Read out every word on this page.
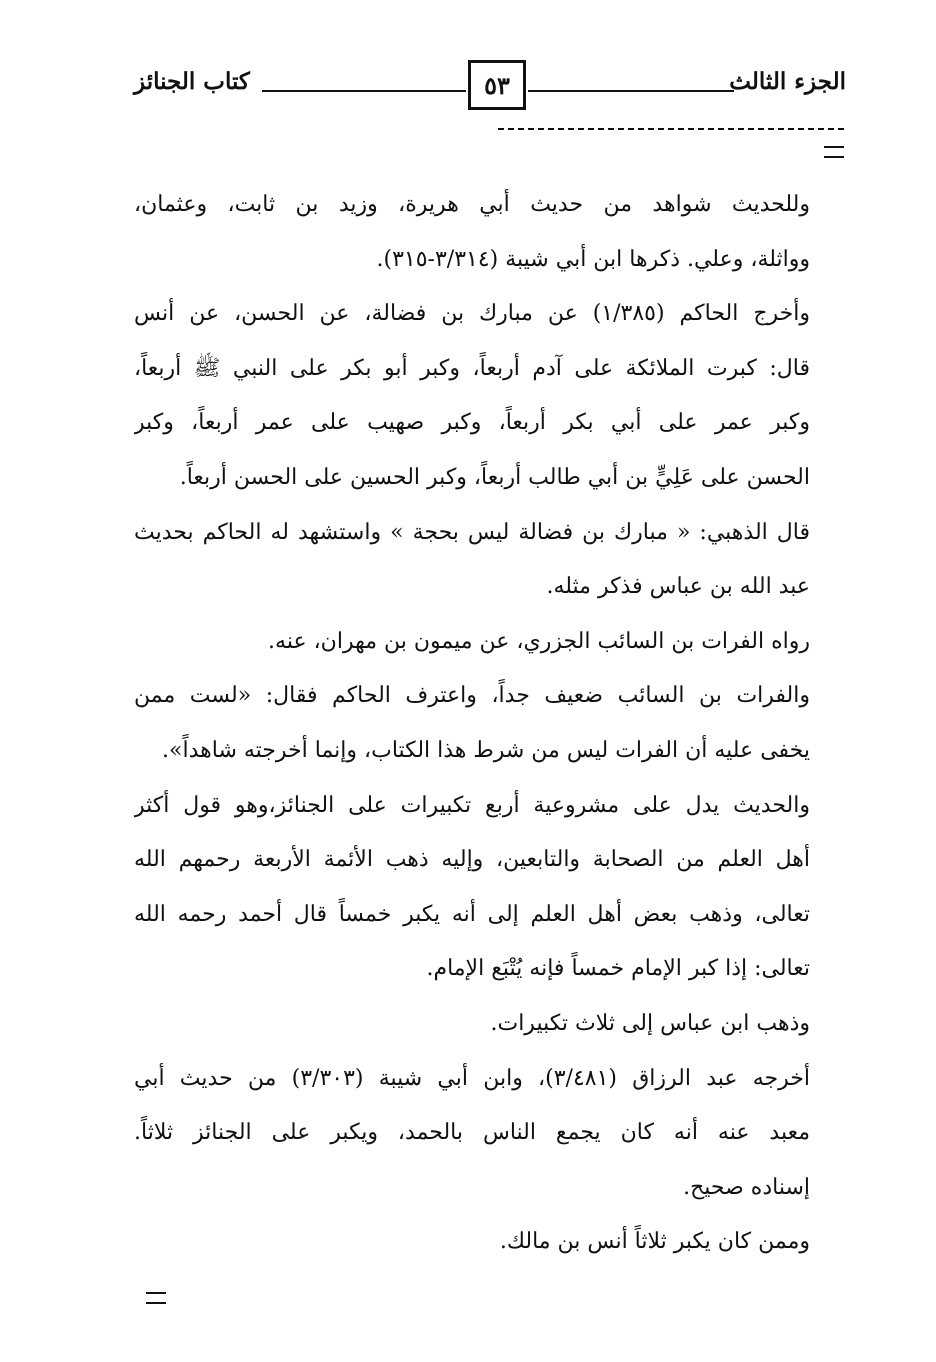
الجزء الثالث
٥٣
كتاب الجنائز
وللحديث شواهد من حديث أبي هريرة، وزيد بن ثابت، وعثمان،
وواثلة، وعلي. ذكرها ابن أبي شيبة (٣/٣١٤-٣١٥).
وأخرج الحاكم (١/٣٨٥) عن مبارك بن فضالة، عن الحسن، عن أنس
قال: كبرت الملائكة على آدم أربعاً، وكبر أبو بكر على النبي ﷺ أربعاً،
وكبر عمر على أبي بكر أربعاً، وكبر صهيب على عمر أربعاً، وكبر
الحسن على عَلِيٍّ بن أبي طالب أربعاً، وكبر الحسين على الحسن أربعاً.
قال الذهبي: « مبارك بن فضالة ليس بحجة » واستشهد له الحاكم بحديث
عبد الله بن عباس فذكر مثله.
رواه الفرات بن السائب الجزري، عن ميمون بن مهران، عنه.
والفرات بن السائب ضعيف جداً، واعترف الحاكم فقال: «لست ممن
يخفى عليه أن الفرات ليس من شرط هذا الكتاب، وإنما أخرجته شاهداً».
والحديث يدل على مشروعية أربع تكبيرات على الجنائز،وهو قول أكثر
أهل العلم من الصحابة والتابعين، وإليه ذهب الأئمة الأربعة رحمهم الله
تعالى، وذهب بعض أهل العلم إلى أنه يكبر خمساً قال أحمد رحمه الله
تعالى: إذا كبر الإمام خمساً فإنه يُتْبَع الإمام.
وذهب ابن عباس إلى ثلاث تكبيرات.
أخرجه عبد الرزاق (٣/٤٨١)، وابن أبي شيبة (٣/٣٠٣) من حديث أبي
معبد عنه أنه كان يجمع الناس بالحمد، ويكبر على الجنائز ثلاثاً.
إسناده صحيح.
وممن كان يكبر ثلاثاً أنس بن مالك.
